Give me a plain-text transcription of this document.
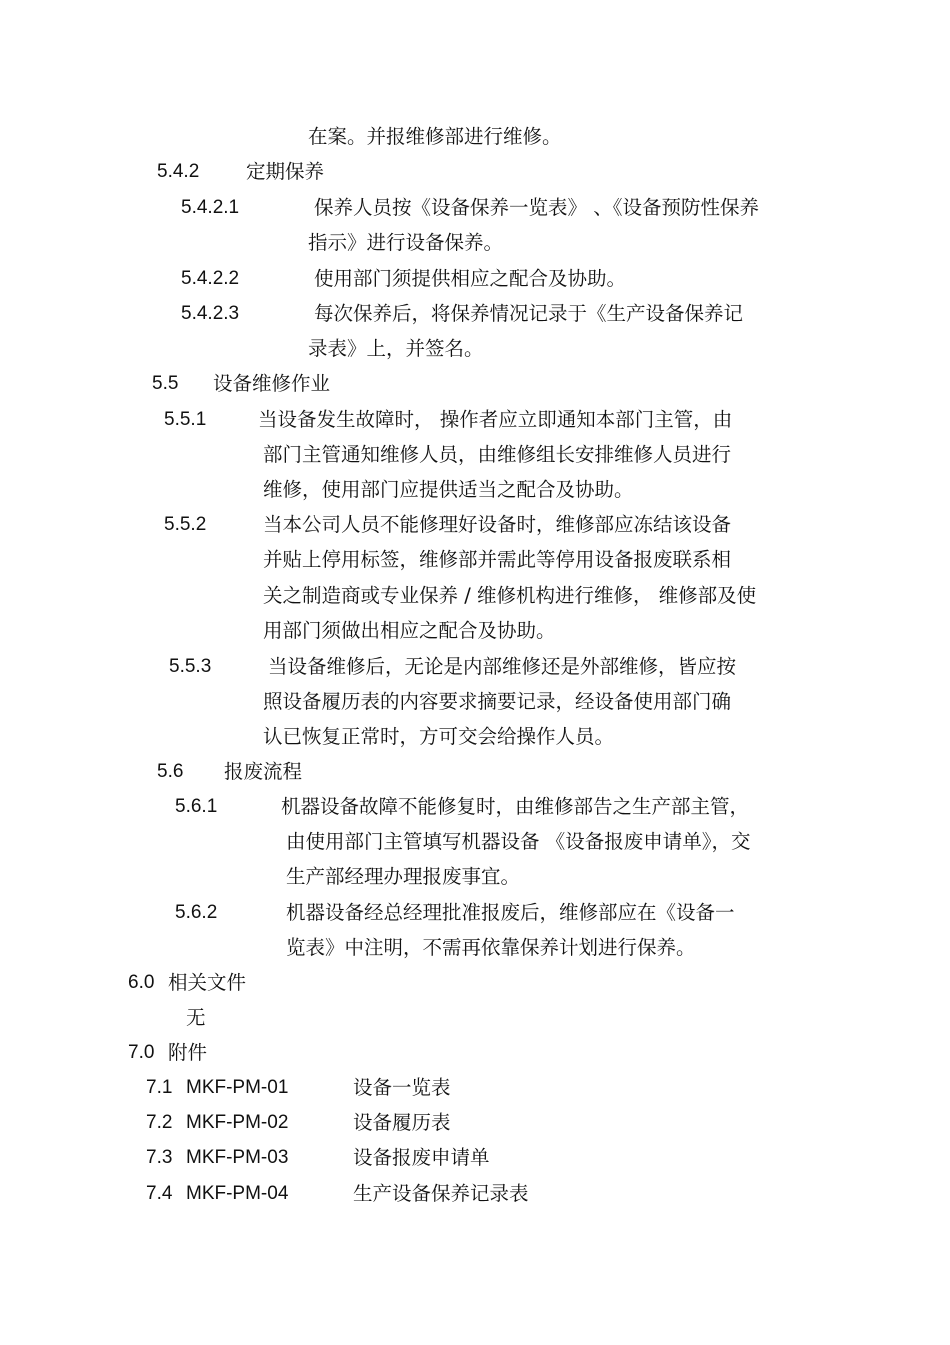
在案。并报维修部进行维修。

5.4.2 定期保养

5.4.2.1	保养人员按《设备保养一览表》 、《设备预防性保养

指示》进行设备保养。

5.4.2.2	使用部门须提供相应之配合及协助。

5.4.2.3	每次保养后，将保养情况记录于《生产设备保养记

录表》上，并签名。

5.5 设备维修作业

5.5.1	当设备发生故障时， 操作者应立即通知本部门主管，由

部门主管通知维修人员，由维修组长安排维修人员进行

维修，使用部门应提供适当之配合及协助。

5.5.2	当本公司人员不能修理好设备时，维修部应冻结该设备

并贴上停用标签，维修部并需此等停用设备报废联系相

关之制造商或专业保养 / 维修机构进行维修， 维修部及使

用部门须做出相应之配合及协助。

5.5.3	当设备维修后，无论是内部维修还是外部维修，皆应按

照设备履历表的内容要求摘要记录，经设备使用部门确

认已恢复正常时，方可交会给操作人员。

5.6 报废流程

5.6.1	机器设备故障不能修复时，由维修部告之生产部主管，

由使用部门主管填写机器设备 《设备报废申请单》，交

生产部经理办理报废事宜。

5.6.2	机器设备经总经理批准报废后，维修部应在《设备一

览表》中注明，不需再依靠保养计划进行保养。

6.0 相关文件

无

7.0 附件

7.1 MKF-PM-01	设备一览表

7.2 MKF-PM-02	设备履历表

7.3 MKF-PM-03	设备报废申请单

7.4 MKF-PM-04	生产设备保养记录表
